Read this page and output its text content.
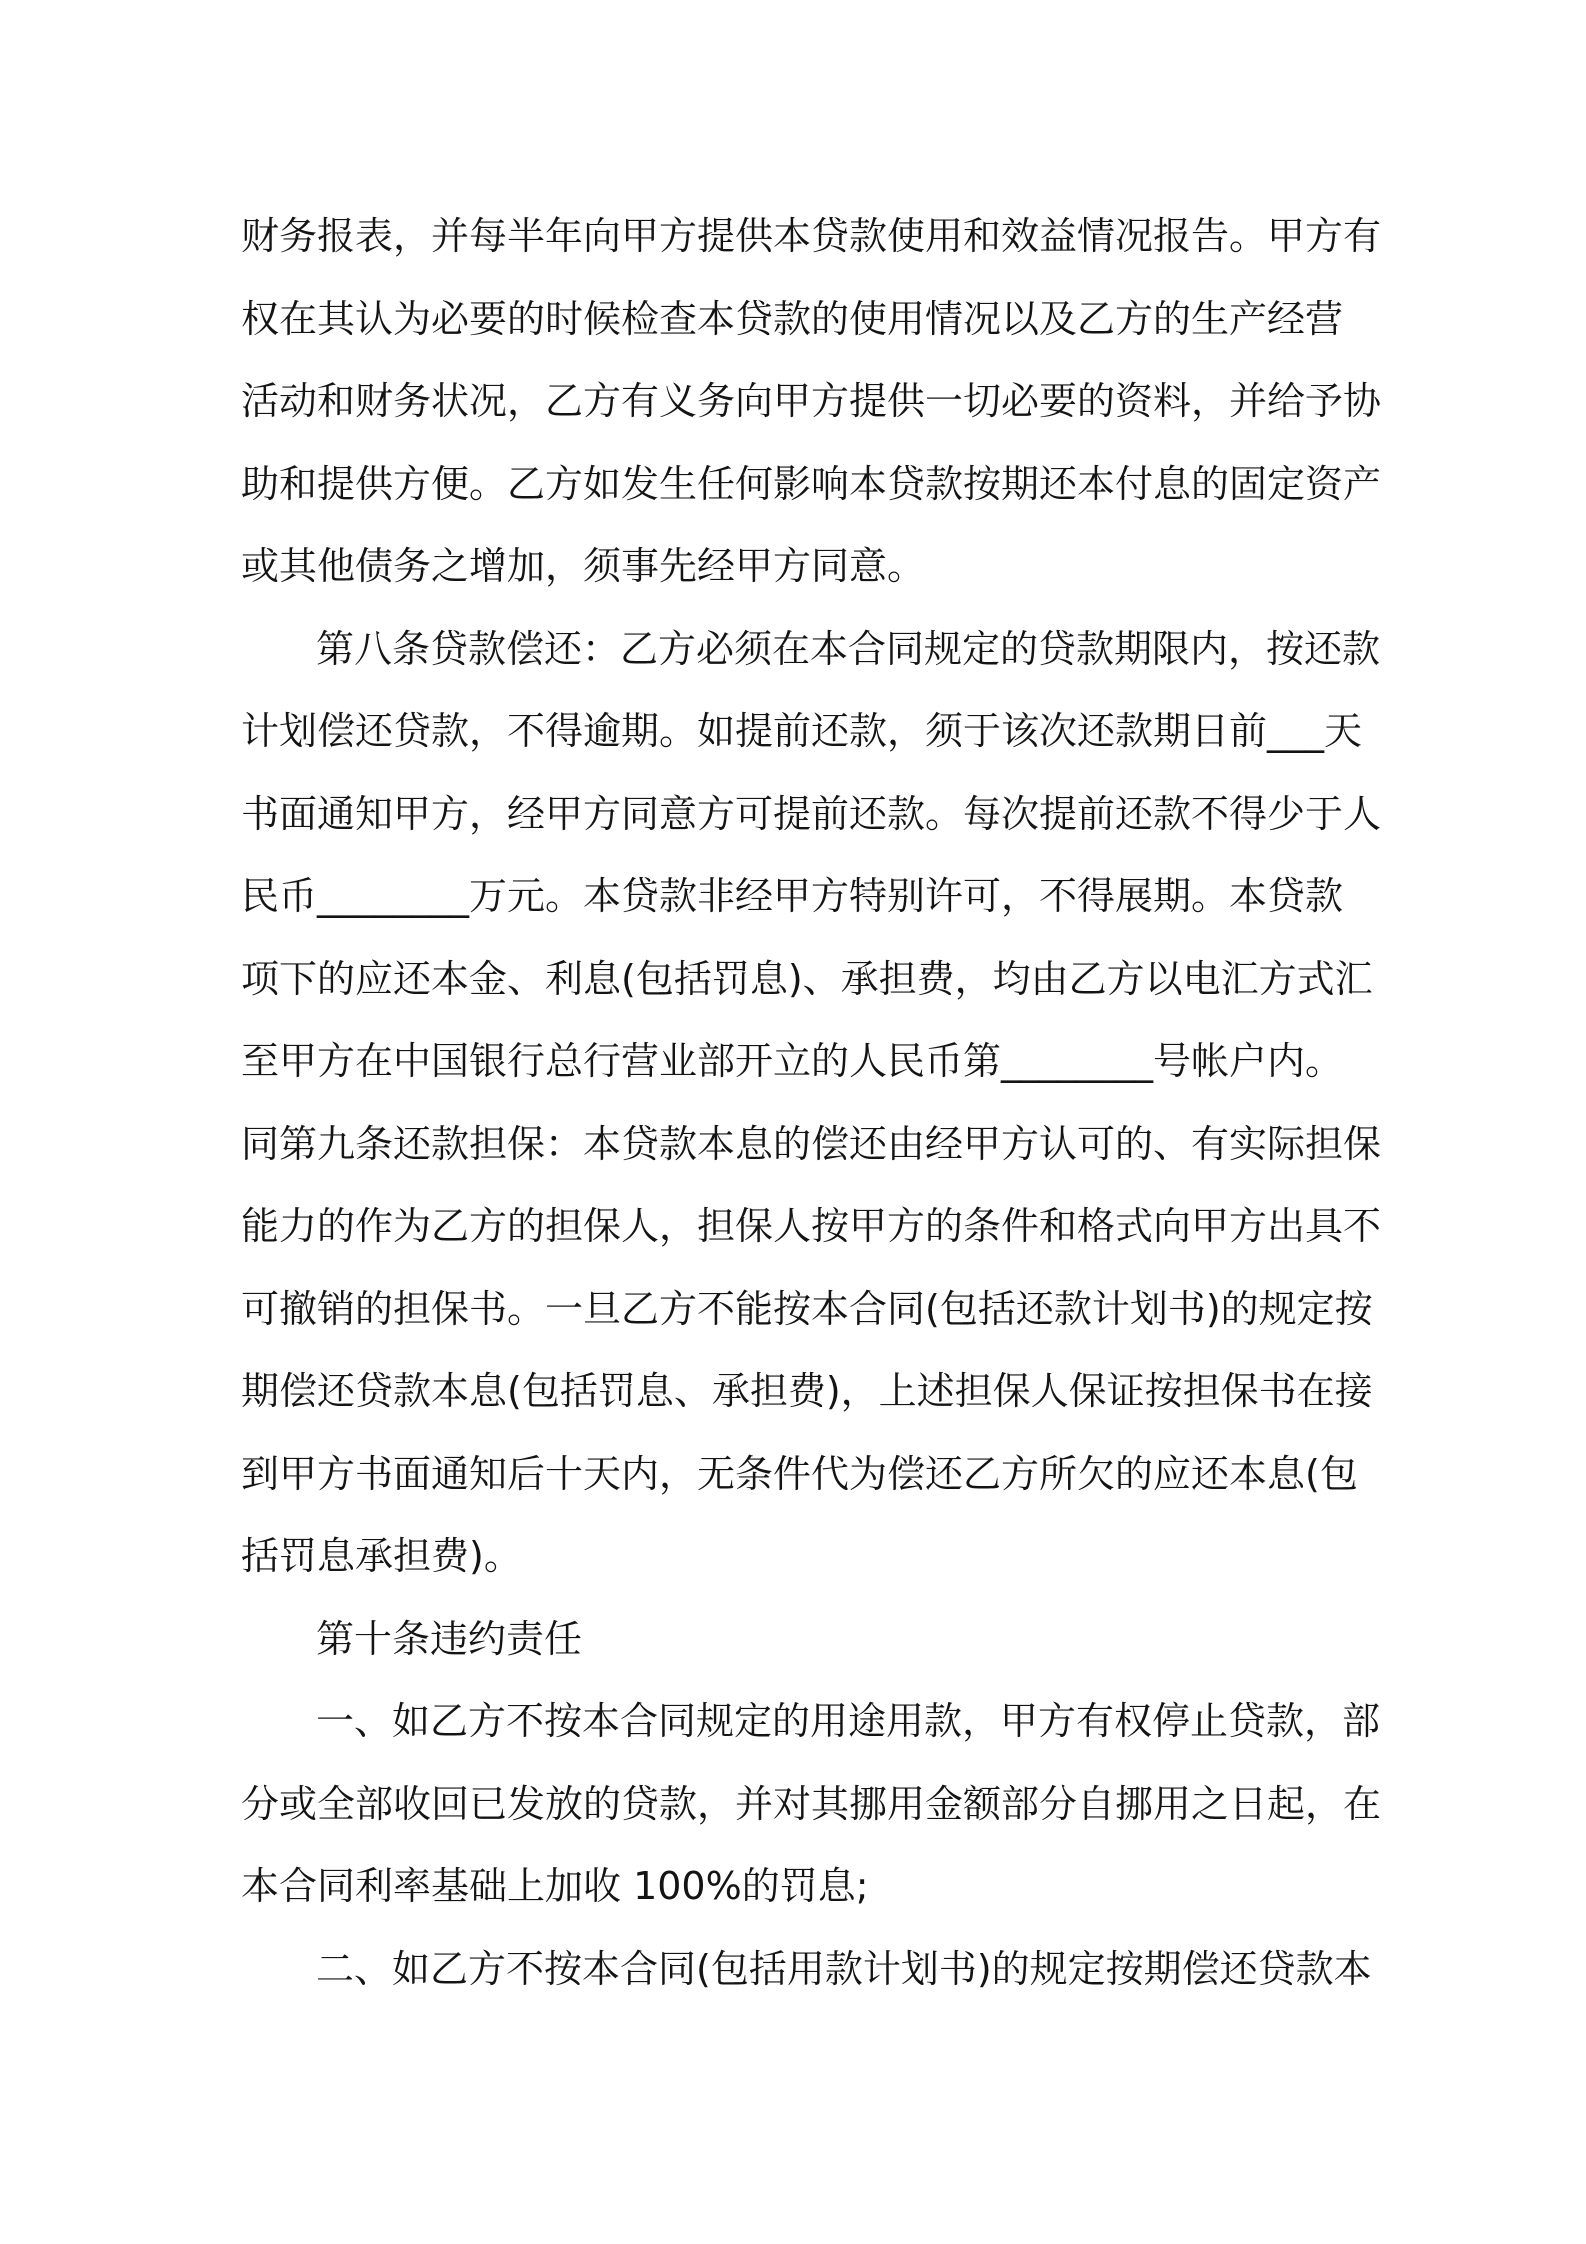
财务报表，并每半年向甲方提供本贷款使用和效益情况报告。甲方有
权在其认为必要的时候检查本贷款的使用情况以及乙方的生产经营
活动和财务状况，乙方有义务向甲方提供一切必要的资料，并给予协
助和提供方便。乙方如发生任何影响本贷款按期还本付息的固定资产
或其他债务之增加，须事先经甲方同意。
第八条贷款偿还：乙方必须在本合同规定的贷款期限内，按还款
计划偿还贷款，不得逾期。如提前还款，须于该次还款期日前___天
书面通知甲方，经甲方同意方可提前还款。每次提前还款不得少于人
民币________万元。本贷款非经甲方特别许可，不得展期。本贷款
项下的应还本金、利息(包括罚息)、承担费，均由乙方以电汇方式汇
至甲方在中国银行总行营业部开立的人民币第________号帐户内。
同第九条还款担保：本贷款本息的偿还由经甲方认可的、有实际担保
能力的作为乙方的担保人，担保人按甲方的条件和格式向甲方出具不
可撤销的担保书。一旦乙方不能按本合同(包括还款计划书)的规定按
期偿还贷款本息(包括罚息、承担费)，上述担保人保证按担保书在接
到甲方书面通知后十天内，无条件代为偿还乙方所欠的应还本息(包
括罚息承担费)。
第十条违约责任
一、如乙方不按本合同规定的用途用款，甲方有权停止贷款，部
分或全部收回已发放的贷款，并对其挪用金额部分自挪用之日起，在
本合同利率基础上加收 100%的罚息;
二、如乙方不按本合同(包括用款计划书)的规定按期偿还贷款本
